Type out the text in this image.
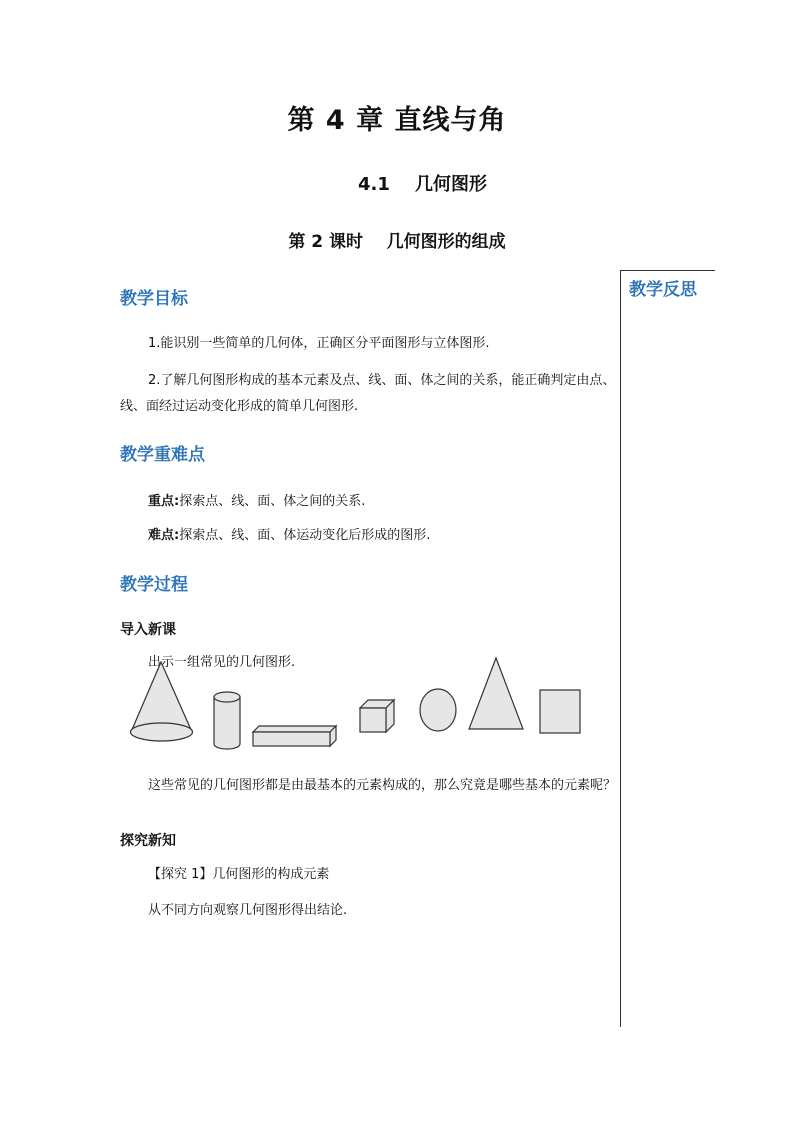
第 4 章 直线与角
4.1    几何图形
第 2 课时    几何图形的组成
教学反思
教学目标
1.能识别一些简单的几何体，正确区分平面图形与立体图形.
2.了解几何图形构成的基本元素及点、线、面、体之间的关系，能正确判定由点、线、面经过运动变化形成的简单几何图形.
教学重难点
重点:探索点、线、面、体之间的关系.
难点:探索点、线、面、体运动变化后形成的图形.
教学过程
导入新课
出示一组常见的几何图形.
这些常见的几何图形都是由最基本的元素构成的，那么究竟是哪些基本的元素呢？
探究新知
【探究 1】几何图形的构成元素
从不同方向观察几何图形得出结论.
